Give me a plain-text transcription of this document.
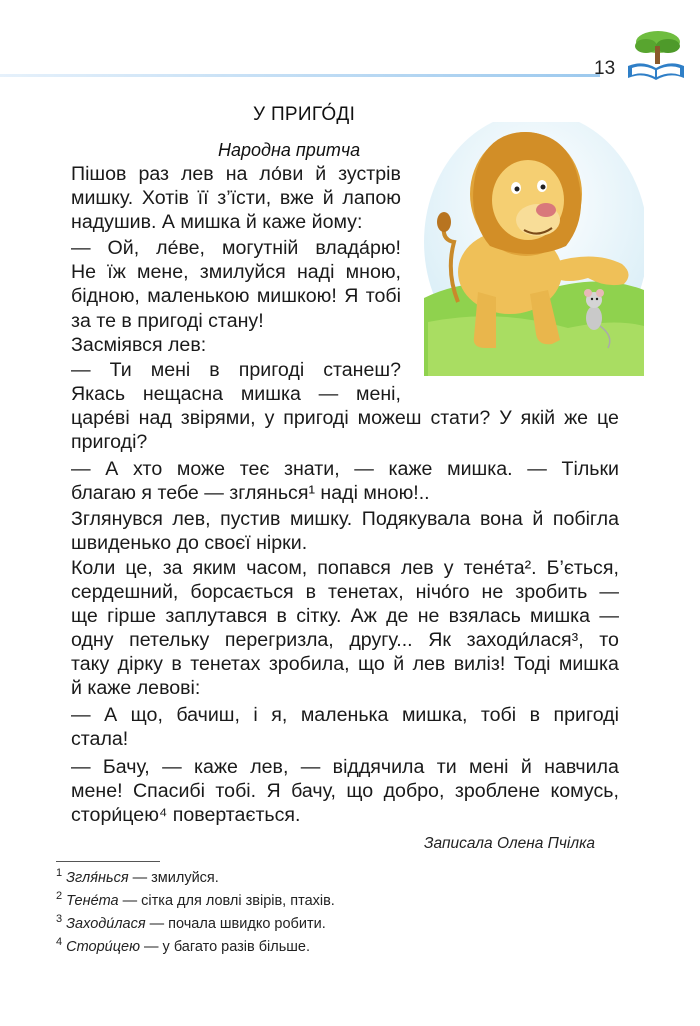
13
У ПРИГО́ДІ
Народна притча
Пішов раз лев на ло́ви й зустрів
мишку. Хотів її з’їсти, вже й лапою
надушив. А мишка й каже йому:
— Ой, ле́ве, могутній влада́рю!
Не їж мене, змилуйся наді мною,
бідною, маленькою мишкою! Я тобі
за те в пригоді стану!
Засміявся лев:
— Ти мені в пригоді станеш?
Якась нещасна мишка — мені,
царе́ві над звірями, у пригоді можеш стати? У якій же це
пригоді?
— А хто може теє знати, — каже мишка. — Тільки
благаю я тебе — зглянься¹ наді мною!..
Зглянувся лев, пустив мишку. Подякувала вона й побігла
швиденько до своєї нірки.
Коли це, за яким часом, попався лев у тене́та². Б’ється,
сердешний, борсається в тенетах, нічо́го не зробить —
ще гірше заплутався в сітку. Аж де не взялась мишка —
одну петельку перегризла, другу... Як заходи́лася³, то
таку дірку в тенетах зробила, що й лев виліз! Тоді мишка
й каже левові:
— А що, бачиш, і я, маленька мишка, тобі в пригоді
стала!
— Бачу, — каже лев, — віддячила ти мені й навчила
мене! Спасибі тобі. Я бачу, що добро, зроблене комусь,
стори́цею⁴ повертається.
Записала Олена Пчілка
$^1$ Згля́нься — змилуйся.
$^2$ Тене́та — сітка для ловлі звірів, птахів.
$^3$ Заходи́лася — почала швидко робити.
$^4$ Стори́цею — у багато разів більше.
